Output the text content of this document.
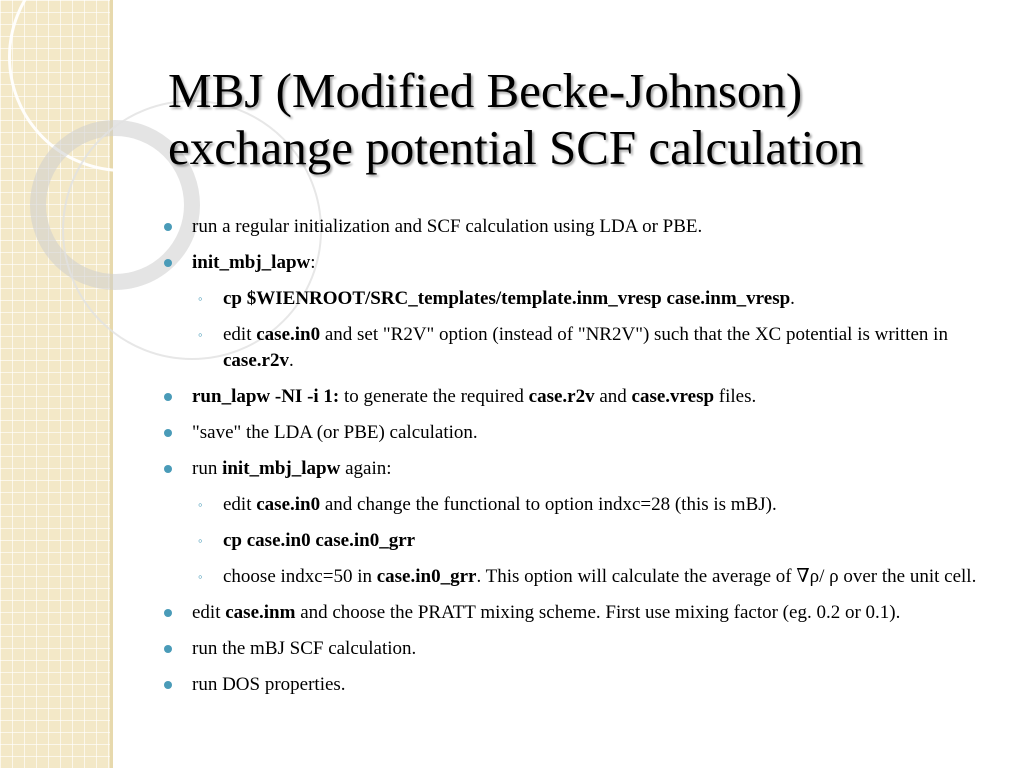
MBJ (Modified Becke-Johnson)
exchange potential SCF calculation
run a regular initialization and SCF calculation using LDA or PBE.
init_mbj_lapw:
◦ cp $WIENROOT/SRC_templates/template.inm_vresp case.inm_vresp.
◦ edit case.in0 and set "R2V" option (instead of "NR2V") such that the XC potential is written in case.r2v.
run_lapw -NI -i 1: to generate the required case.r2v and case.vresp files.
"save" the LDA (or PBE) calculation.
run init_mbj_lapw again:
◦ edit case.in0 and change the functional to option indxc=28 (this is mBJ).
◦ cp case.in0 case.in0_grr
◦ choose indxc=50 in case.in0_grr. This option will calculate the average of ∇ρ/ ρ over the unit cell.
edit case.inm and choose the PRATT mixing scheme. First use mixing factor (eg. 0.2 or 0.1).
run the mBJ SCF calculation.
run DOS properties.
